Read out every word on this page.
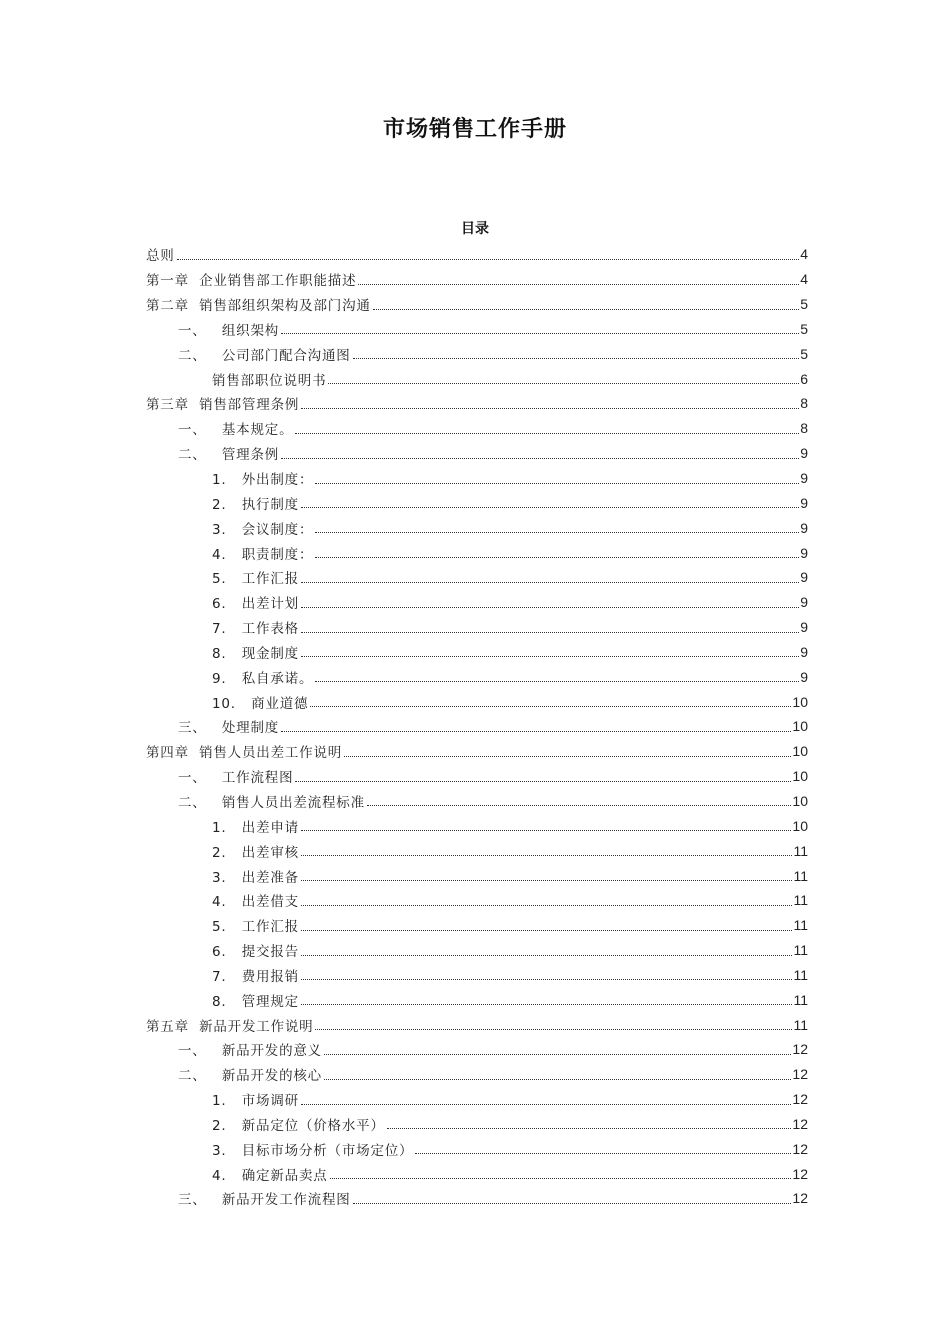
市场销售工作手册
目录
总则	4
第一章  企业销售部工作职能描述	4
第二章  销售部组织架构及部门沟通	5
一、   组织架构	5
二、   公司部门配合沟通图	5
销售部职位说明书	6
第三章  销售部管理条例	8
一、   基本规定。	8
二、   管理条例	9
1.   外出制度：	9
2.   执行制度	9
3.   会议制度：	9
4.   职责制度：	9
5.   工作汇报	9
6.   出差计划	9
7.   工作表格	9
8.   现金制度	9
9.   私自承诺。	9
10.   商业道德	10
三、   处理制度	10
第四章  销售人员出差工作说明	10
一、   工作流程图	10
二、   销售人员出差流程标准	10
1.   出差申请	10
2.   出差审核	11
3.   出差准备	11
4.   出差借支	11
5.   工作汇报	11
6.   提交报告	11
7.   费用报销	11
8.   管理规定	11
第五章  新品开发工作说明	11
一、   新品开发的意义	12
二、   新品开发的核心	12
1.   市场调研	12
2.   新品定位（价格水平）	12
3.   目标市场分析（市场定位）	12
4.   确定新品卖点	12
三、   新品开发工作流程图	12
